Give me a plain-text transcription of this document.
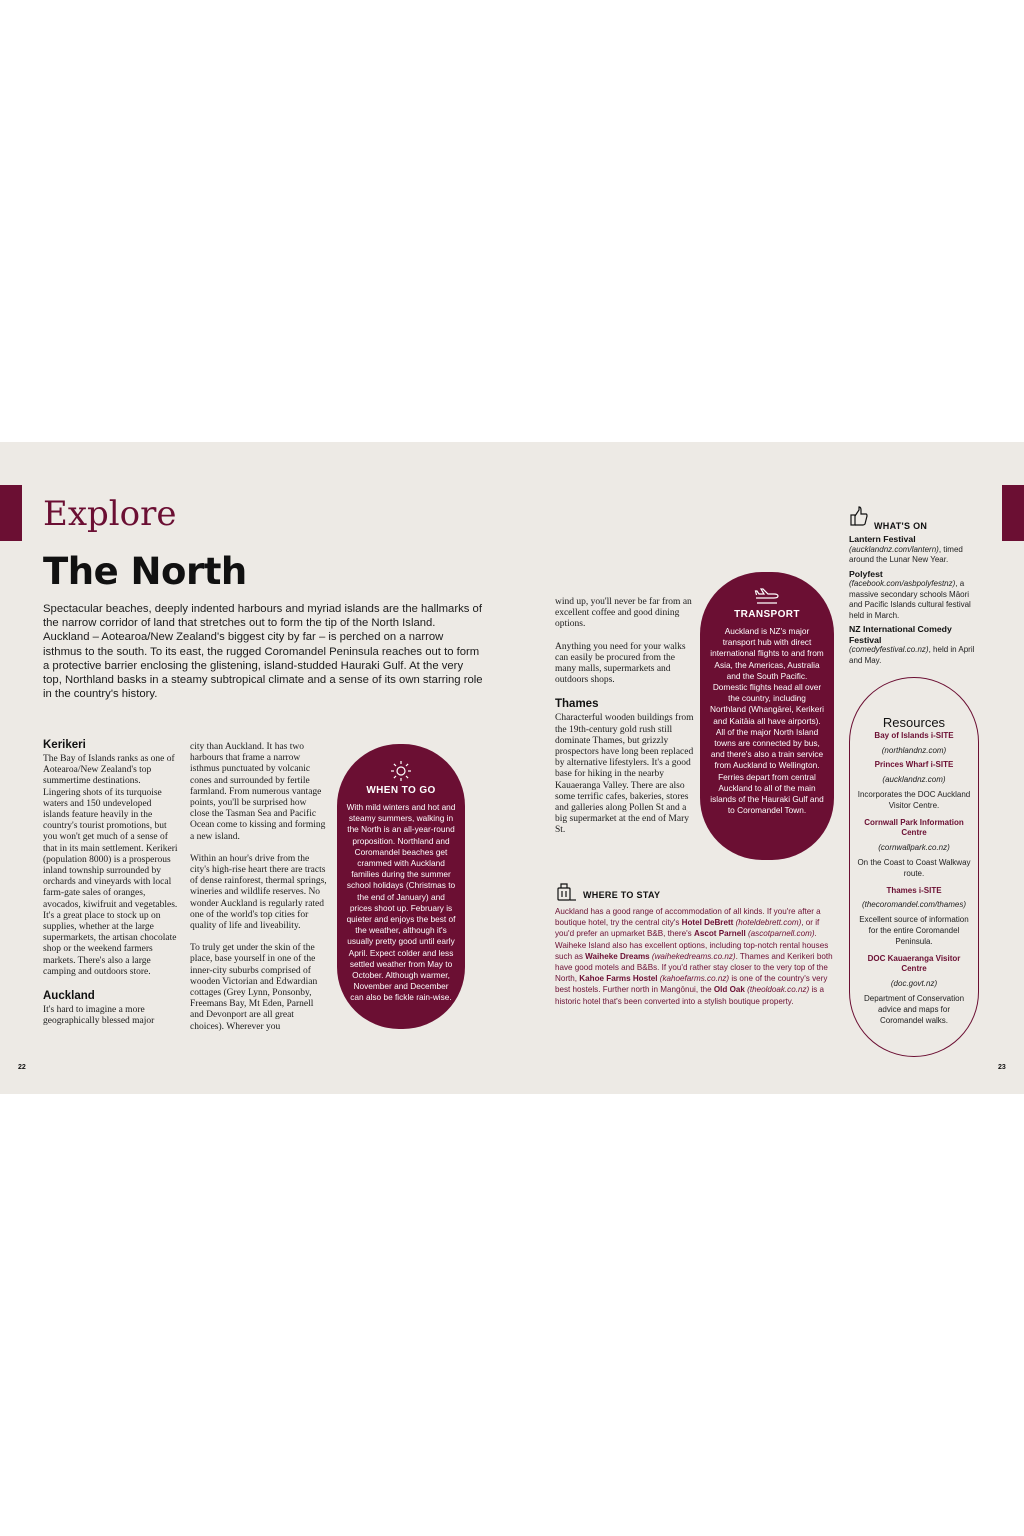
Explore
The North

Spectacular beaches, deeply indented harbours and myriad islands are the hallmarks of the narrow corridor of land that stretches out to form the tip of the North Island. Auckland – Aotearoa/New Zealand's biggest city by far – is perched on a narrow isthmus to the south. To its east, the rugged Coromandel Peninsula reaches out to form a protective barrier enclosing the glistening, island-studded Hauraki Gulf. At the very top, Northland basks in a steamy subtropical climate and a sense of its own starring role in the country's history.

Kerikeri

The Bay of Islands ranks as one of Aotearoa/New Zealand's top summertime destinations. Lingering shots of its turquoise waters and 150 undeveloped islands feature heavily in the country's tourist promotions, but you won't get much of a sense of that in its main settlement. Kerikeri (population 8000) is a prosperous inland township surrounded by orchards and vineyards with local farm-gate sales of oranges, avocados, kiwifruit and vegetables. It's a great place to stock up on supplies, whether at the large supermarkets, the artisan chocolate shop or the weekend farmers markets. There's also a large camping and outdoors store.

Auckland

It's hard to imagine a more geographically blessed major

city than Auckland. It has two harbours that frame a narrow isthmus punctuated by volcanic cones and surrounded by fertile farmland. From numerous vantage points, you'll be surprised how close the Tasman Sea and Pacific Ocean come to kissing and forming a new island.

Within an hour's drive from the city's high-rise heart there are tracts of dense rainforest, thermal springs, wineries and wildlife reserves. No wonder Auckland is regularly rated one of the world's top cities for quality of life and liveability.

To truly get under the skin of the place, base yourself in one of the inner-city suburbs comprised of wooden Victorian and Edwardian cottages (Grey Lynn, Ponsonby, Freemans Bay, Mt Eden, Parnell and Devonport are all great choices). Wherever you

WHEN TO GO

With mild winters and hot and steamy summers, walking in the North is an all-year-round proposition. Northland and Coromandel beaches get crammed with Auckland families during the summer school holidays (Christmas to the end of January) and prices shoot up. February is quieter and enjoys the best of the weather, although it's usually pretty good until early April. Expect colder and less settled weather from May to October. Although warmer, November and December can also be fickle rain-wise.

wind up, you'll never be far from an excellent coffee and good dining options.

Anything you need for your walks can easily be procured from the many malls, supermarkets and outdoors shops.

Thames

Characterful wooden buildings from the 19th-century gold rush still dominate Thames, but grizzly prospectors have long been replaced by alternative lifestylers. It's a good base for hiking in the nearby Kauaeranga Valley. There are also some terrific cafes, bakeries, stores and galleries along Pollen St and a big supermarket at the end of Mary St.

TRANSPORT

Auckland is NZ's major transport hub with direct international flights to and from Asia, the Americas, Australia and the South Pacific. Domestic flights head all over the country, including Northland (Whangārei, Kerikeri and Kaitāia all have airports). All of the major North Island towns are connected by bus, and there's also a train service from Auckland to Wellington. Ferries depart from central Auckland to all of the main islands of the Hauraki Gulf and to Coromandel Town.

WHERE TO STAY

Auckland has a good range of accommodation of all kinds. If you're after a boutique hotel, try the central city's Hotel DeBrett (hoteldebrett.com), or if you'd prefer an upmarket B&B, there's Ascot Parnell (ascotparnell.com). Waiheke Island also has excellent options, including top-notch rental houses such as Waiheke Dreams (waihekedreams.co.nz). Thames and Kerikeri both have good motels and B&Bs. If you'd rather stay closer to the very top of the North, Kahoe Farms Hostel (kahoefarms.co.nz) is one of the country's very best hostels. Further north in Mangōnui, the Old Oak (theoldoak.co.nz) is a historic hotel that's been converted into a stylish boutique property.

WHAT'S ON
Lantern Festival
(aucklandnz.com/lantern), timed around the Lunar New Year.
Polyfest
(facebook.com/asbpolyfestnz), a massive secondary schools Māori and Pacific Islands cultural festival held in March.
NZ International Comedy Festival
(comedyfestival.co.nz), held in April and May.
Resources

Bay of Islands i-SITE

(northlandnz.com)

Princes Wharf i-SITE

(aucklandnz.com)

Incorporates the DOC Auckland Visitor Centre.

Cornwall Park Information Centre

(cornwallpark.co.nz)

On the Coast to Coast Walkway route.

Thames i-SITE

(thecoromandel.com/thames)

Excellent source of information for the entire Coromandel Peninsula.

DOC Kauaeranga Visitor Centre

(doc.govt.nz)

Department of Conservation advice and maps for Coromandel walks.

22	23
